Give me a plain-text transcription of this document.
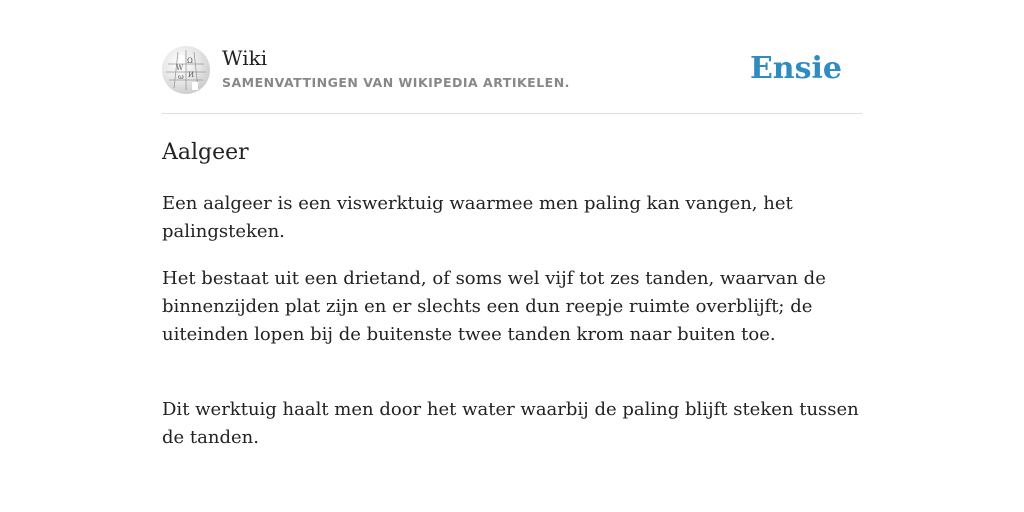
W
Ω
И
ω
Wiki
SAMENVATTINGEN VAN WIKIPEDIA ARTIKELEN.	Ensie
Aalgeer

Een aalgeer is een viswerktuig waarmee men paling kan vangen, het palingsteken.

Het bestaat uit een drietand, of soms wel vijf tot zes tanden, waarvan de binnenzijden plat zijn en er slechts een dun reepje ruimte overblijft; de uiteinden lopen bij de buitenste twee tanden krom naar buiten toe.

Dit werktuig haalt men door het water waarbij de paling blijft steken tussen de tanden.
